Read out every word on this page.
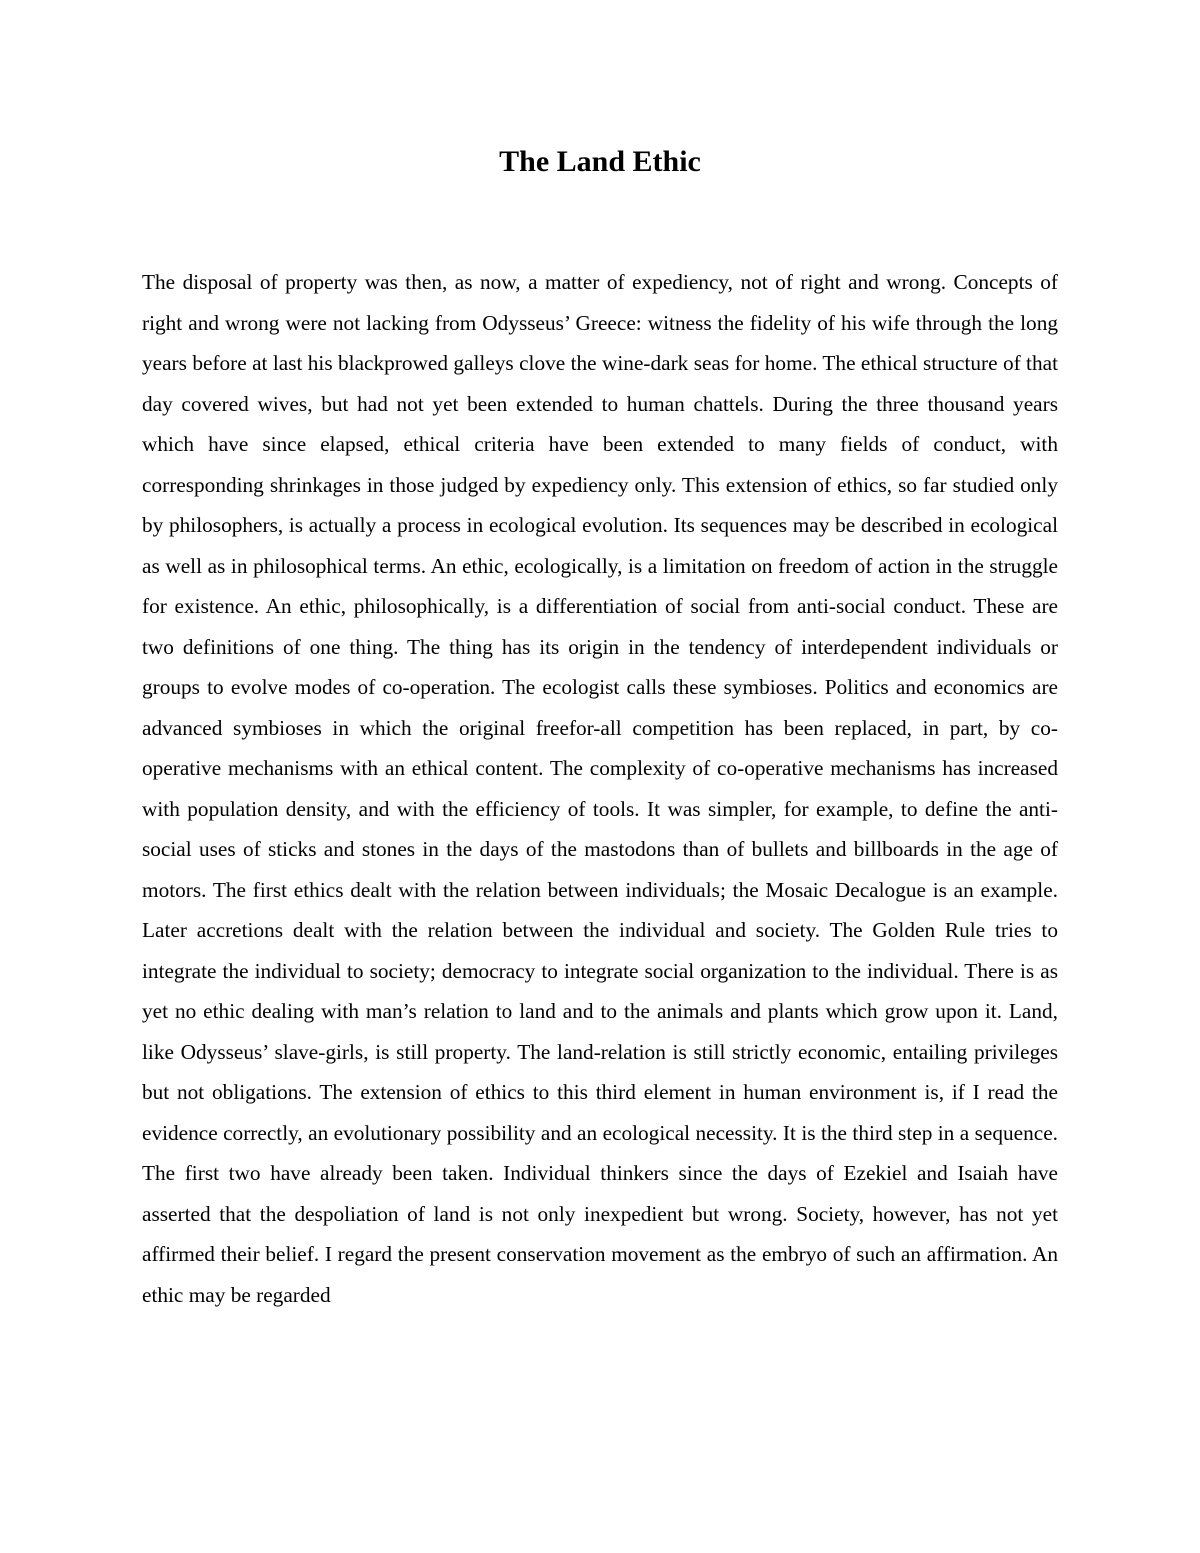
The Land Ethic

The disposal of property was then, as now, a matter of expediency, not of right and wrong. Concepts of right and wrong were not lacking from Odysseus’ Greece: witness the fidelity of his wife through the long years before at last his blackprowed galleys clove the wine-dark seas for home. The ethical structure of that day covered wives, but had not yet been extended to human chattels. During the three thousand years which have since elapsed, ethical criteria have been extended to many fields of conduct, with corresponding shrinkages in those judged by expediency only. This extension of ethics, so far studied only by philosophers, is actually a process in ecological evolution. Its sequences may be described in ecological as well as in philosophical terms. An ethic, ecologically, is a limitation on freedom of action in the struggle for existence. An ethic, philosophically, is a differentiation of social from anti-social conduct. These are two definitions of one thing. The thing has its origin in the tendency of interdependent individuals or groups to evolve modes of co-operation. The ecologist calls these symbioses. Politics and economics are advanced symbioses in which the original freefor-all competition has been replaced, in part, by co-operative mechanisms with an ethical content. The complexity of co-operative mechanisms has increased with population density, and with the efficiency of tools. It was simpler, for example, to define the anti-social uses of sticks and stones in the days of the mastodons than of bullets and billboards in the age of motors. The first ethics dealt with the relation between individuals; the Mosaic Decalogue is an example. Later accretions dealt with the relation between the individual and society. The Golden Rule tries to integrate the individual to society; democracy to integrate social organization to the individual. There is as yet no ethic dealing with man’s relation to land and to the animals and plants which grow upon it. Land, like Odysseus’ slave-girls, is still property. The land-relation is still strictly economic, entailing privileges but not obligations. The extension of ethics to this third element in human environment is, if I read the evidence correctly, an evolutionary possibility and an ecological necessity. It is the third step in a sequence. The first two have already been taken. Individual thinkers since the days of Ezekiel and Isaiah have asserted that the despoliation of land is not only inexpedient but wrong. Society, however, has not yet affirmed their belief. I regard the present conservation movement as the embryo of such an affirmation. An ethic may be regarded
